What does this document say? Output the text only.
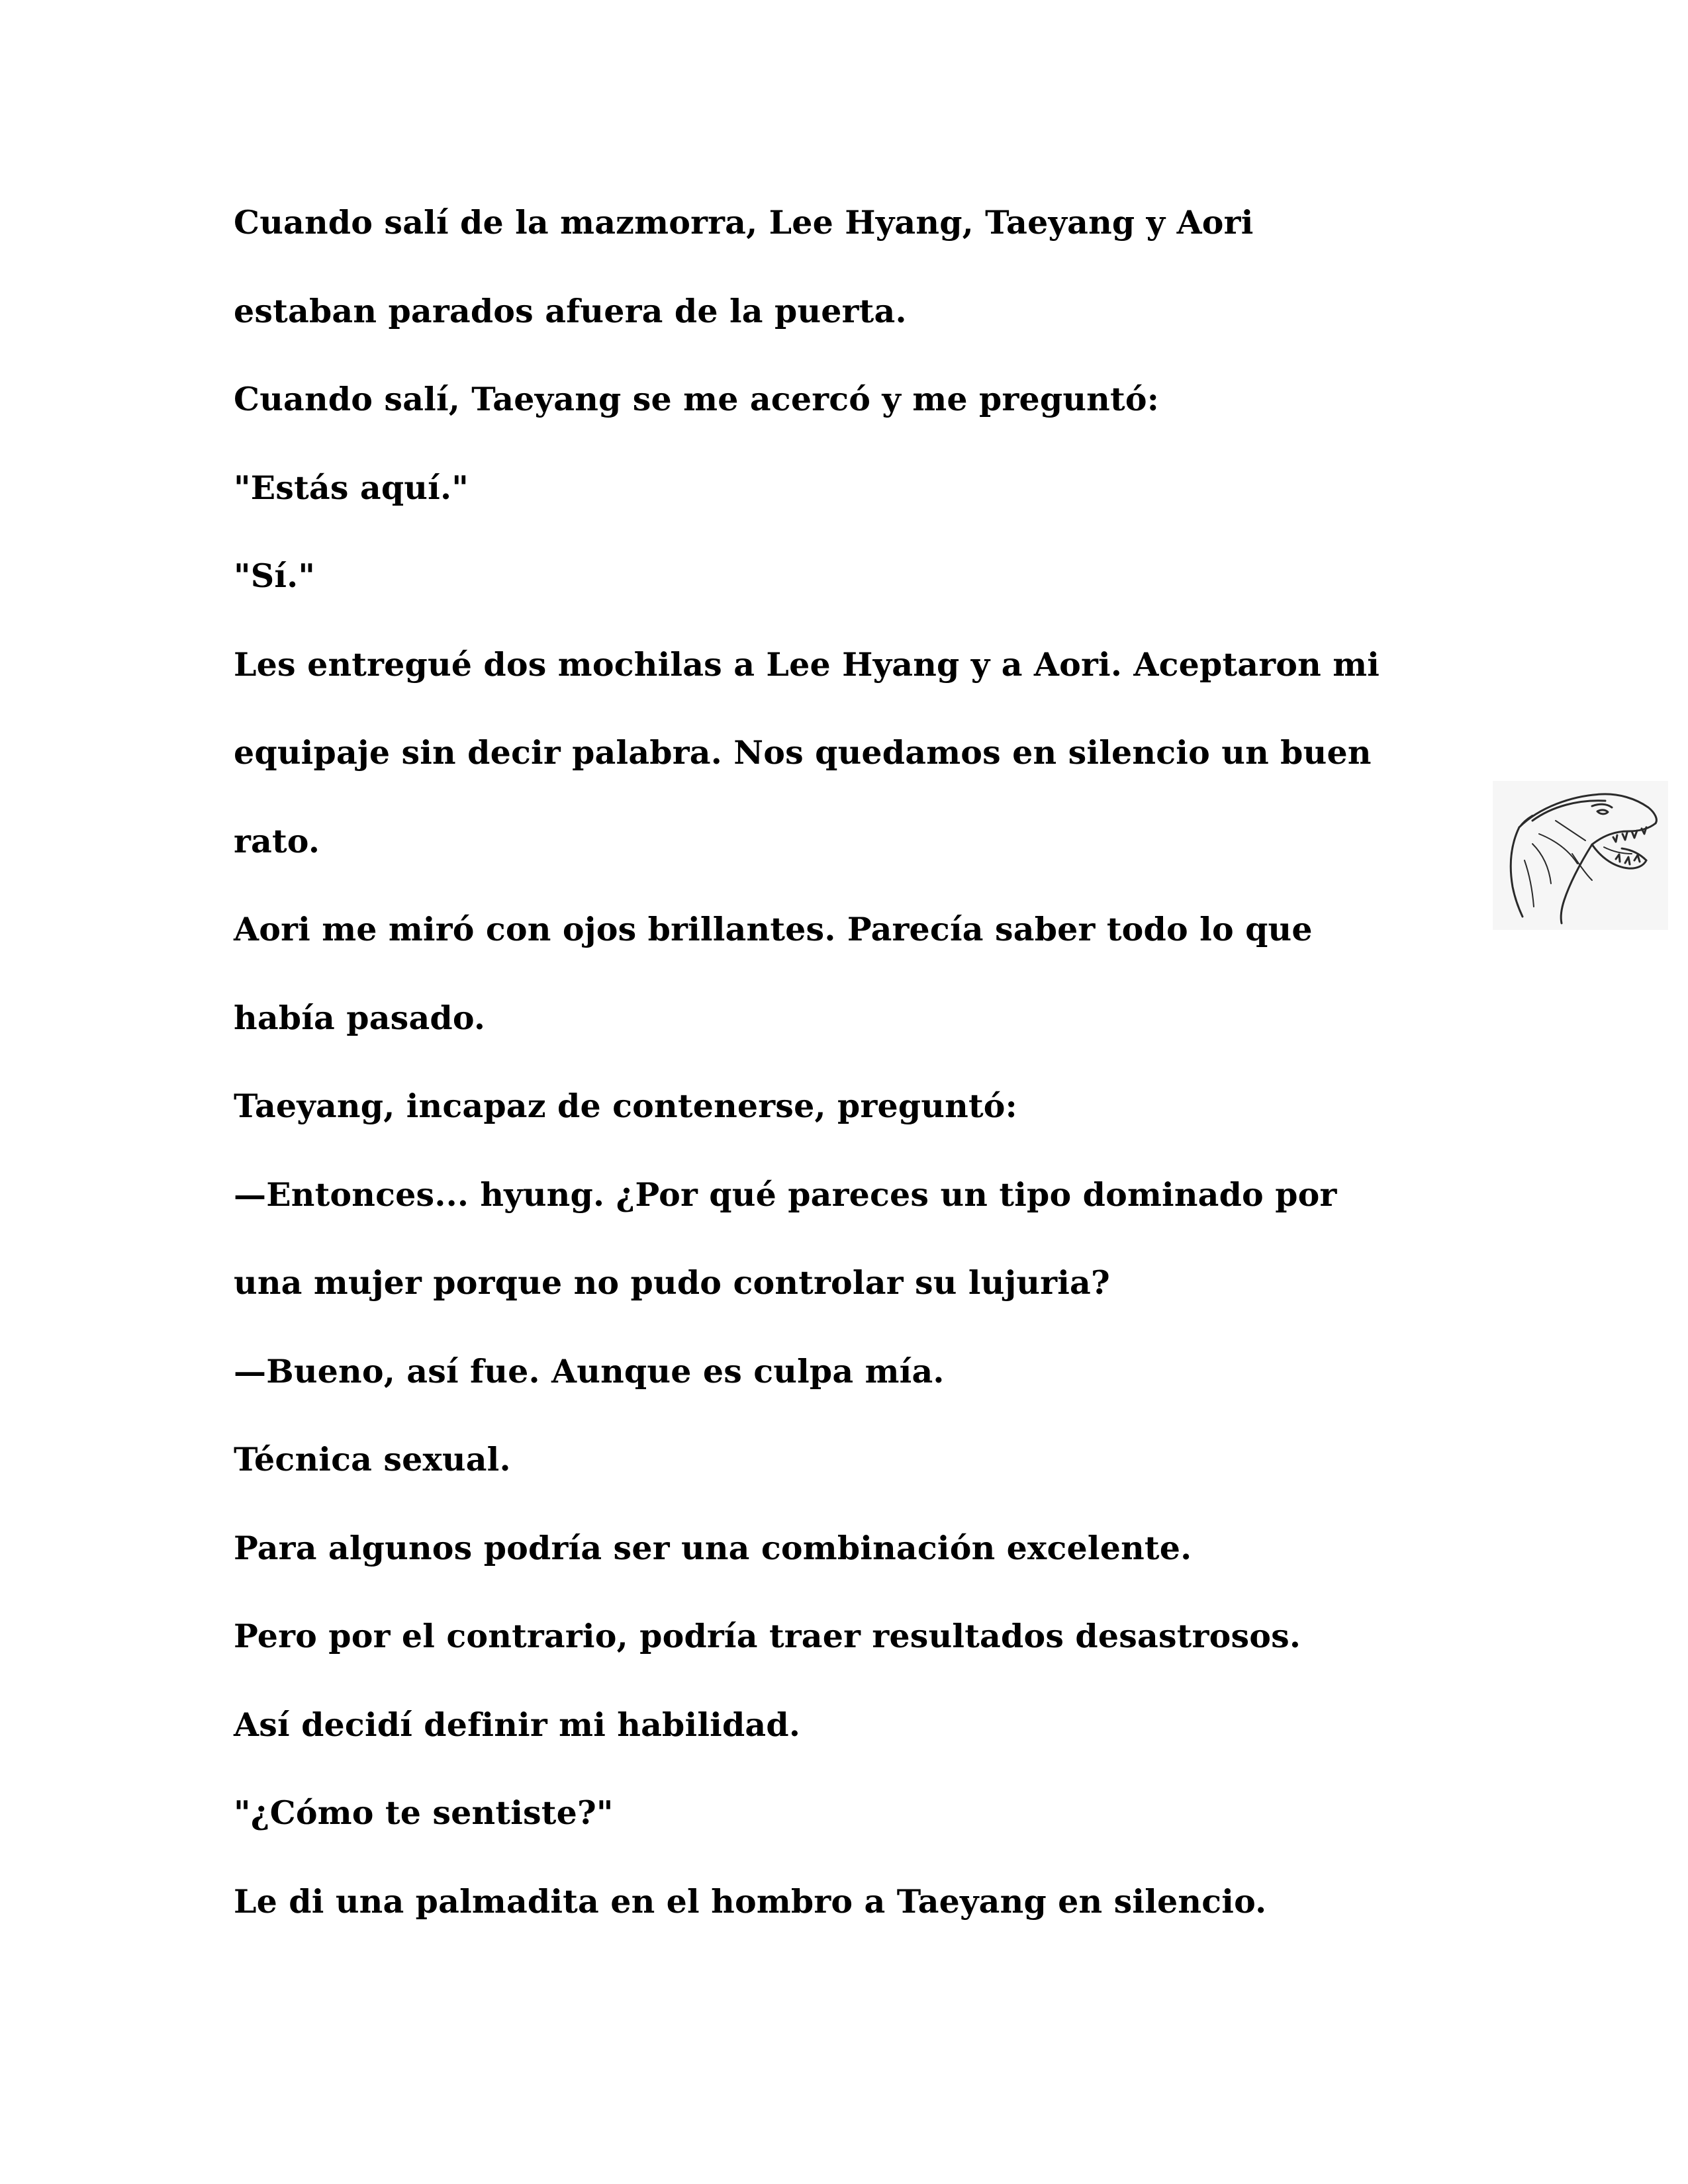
Cuando salí de la mazmorra, Lee Hyang, Taeyang y Aori
estaban parados afuera de la puerta.
Cuando salí, Taeyang se me acercó y me preguntó:
"Estás aquí."
"Sí."
Les entregué dos mochilas a Lee Hyang y a Aori. Aceptaron mi
equipaje sin decir palabra. Nos quedamos en silencio un buen
rato.
Aori me miró con ojos brillantes. Parecía saber todo lo que
había pasado.
Taeyang, incapaz de contenerse, preguntó:
—Entonces... hyung. ¿Por qué pareces un tipo dominado por
una mujer porque no pudo controlar su lujuria?
—Bueno, así fue. Aunque es culpa mía.
Técnica sexual.
Para algunos podría ser una combinación excelente.
Pero por el contrario, podría traer resultados desastrosos.
Así decidí definir mi habilidad.
"¿Cómo te sentiste?"
Le di una palmadita en el hombro a Taeyang en silencio.
